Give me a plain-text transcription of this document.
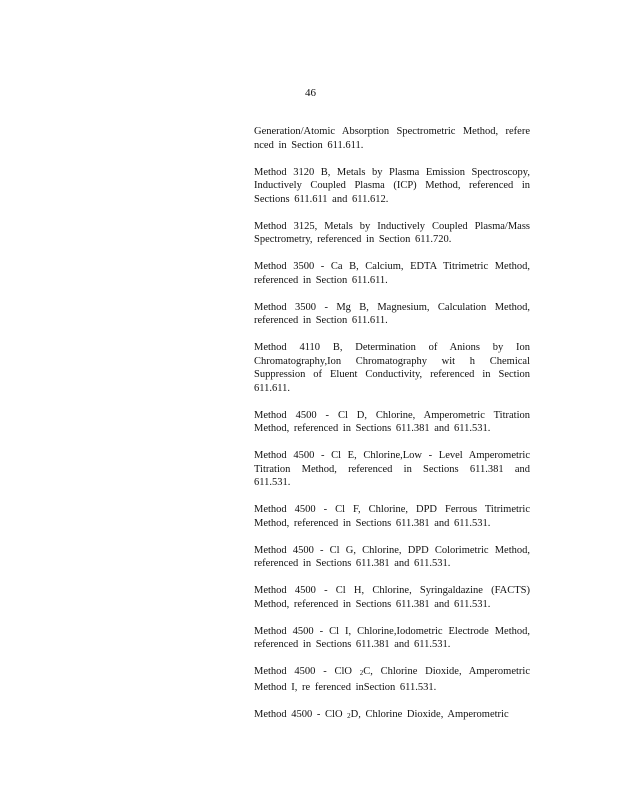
46

Generation/Atomic Absorption Spectrometric Method, refere nced in Section 611.611.

Method 3120 B, Metals by Plasma Emission Spectroscopy, Inductively Coupled Plasma (ICP) Method, referenced in Sections 611.611 and 611.612.

Method 3125, Metals by Inductively Coupled Plasma/Mass Spectrometry, referenced in Section 611.720.

Method 3500 - Ca B, Calcium, EDTA Titrimetric Method, referenced in Section 611.611.

Method 3500 - Mg B, Magnesium, Calculation Method, referenced in Section 611.611.

Method 4110 B, Determination of Anions by Ion Chromatography,Ion Chromatography wit h Chemical Suppression of Eluent Conductivity, referenced in Section 611.611.

Method 4500 - Cl D, Chlorine, Amperometric Titration Method, referenced in Sections 611.381 and 611.531.

Method 4500 - Cl E, Chlorine,Low - Level Amperometric Titration Method, referenced in Sections 611.381 and 611.531.

Method 4500 - Cl F, Chlorine, DPD Ferrous Titrimetric Method, referenced in Sections 611.381 and 611.531.

Method 4500 - Cl G, Chlorine, DPD Colorimetric Method, referenced in Sections 611.381 and 611.531.

Method 4500 - Cl H, Chlorine, Syringaldazine (FACTS) Method, referenced in Sections 611.381 and 611.531.

Method 4500 - Cl I, Chlorine,Iodometric Electrode Method, referenced in Sections 611.381 and 611.531.

Method 4500 - ClO $_2$C, Chlorine Dioxide, Amperometric Method I, re ferenced inSection 611.531.

Method 4500 - ClO $_2$D, Chlorine Dioxide, Amperometric
